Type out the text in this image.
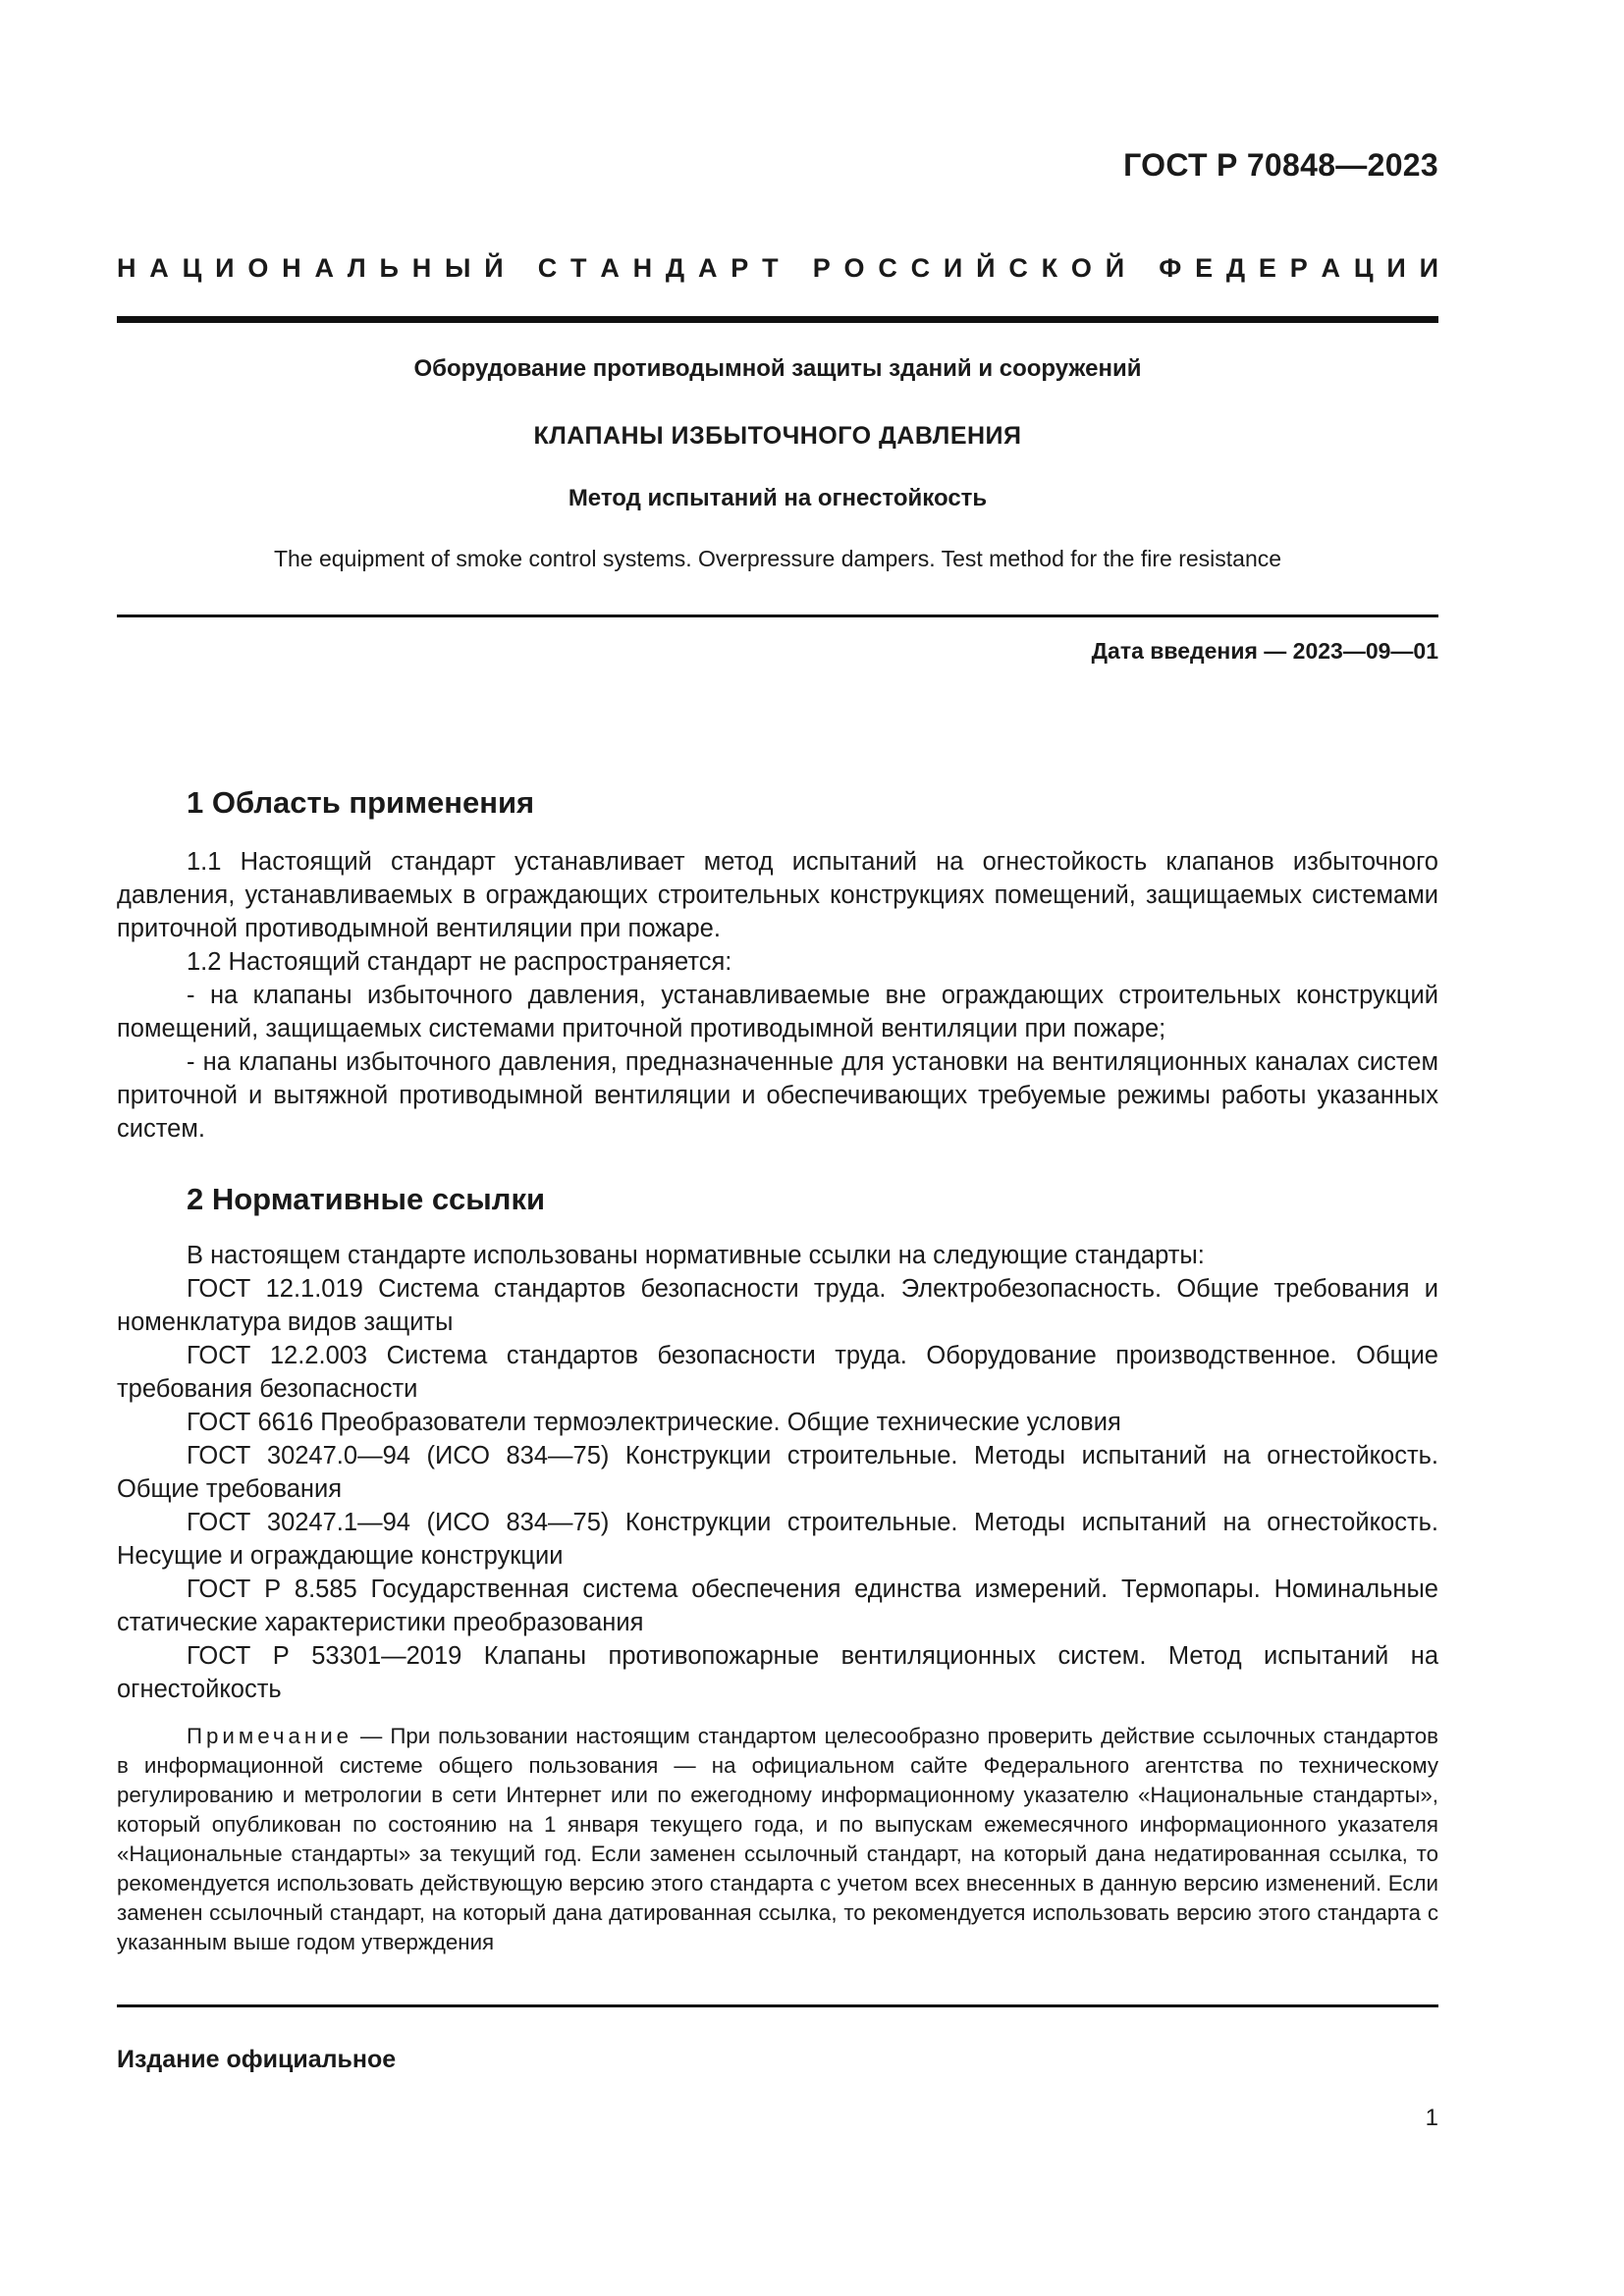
ГОСТ Р 70848—2023
Н А Ц И О Н А Л Ь Н Ы Й
С Т А Н Д А Р Т
Р О С С И Й С К О Й
Ф Е Д Е Р А Ц И И
Оборудование противодымной защиты зданий и сооружений
КЛАПАНЫ ИЗБЫТОЧНОГО ДАВЛЕНИЯ
Метод испытаний на огнестойкость
The equipment of smoke control systems. Overpressure dampers. Test method for the fire resistance
Дата введения — 2023—09—01
1 Область применения

1.1 Настоящий стандарт устанавливает метод испытаний на огнестойкость клапанов избыточного давления, устанавливаемых в ограждающих строительных конструкциях помещений, защищаемых системами приточной противодымной вентиляции при пожаре.

1.2 Настоящий стандарт не распространяется:

- на клапаны избыточного давления, устанавливаемые вне ограждающих строительных конструкций помещений, защищаемых системами приточной противодымной вентиляции при пожаре;

- на клапаны избыточного давления, предназначенные для установки на вентиляционных каналах систем приточной и вытяжной противодымной вентиляции и обеспечивающих требуемые режимы работы указанных систем.

2 Нормативные ссылки

В настоящем стандарте использованы нормативные ссылки на следующие стандарты:

ГОСТ 12.1.019 Система стандартов безопасности труда. Электробезопасность. Общие требования и номенклатура видов защиты

ГОСТ 12.2.003 Система стандартов безопасности труда. Оборудование производственное. Общие требования безопасности

ГОСТ 6616 Преобразователи термоэлектрические. Общие технические условия

ГОСТ 30247.0—94 (ИСО 834—75) Конструкции строительные. Методы испытаний на огнестойкость. Общие требования

ГОСТ 30247.1—94 (ИСО 834—75) Конструкции строительные. Методы испытаний на огнестойкость. Несущие и ограждающие конструкции

ГОСТ Р 8.585 Государственная система обеспечения единства измерений. Термопары. Номинальные статические характеристики преобразования

ГОСТ Р 53301—2019 Клапаны противопожарные вентиляционных систем. Метод испытаний на огнестойкость

Примечание — При пользовании настоящим стандартом целесообразно проверить действие ссылочных стандартов в информационной системе общего пользования — на официальном сайте Федерального агентства по техническому регулированию и метрологии в сети Интернет или по ежегодному информационному указателю «Национальные стандарты», который опубликован по состоянию на 1 января текущего года, и по выпускам ежемесячного информационного указателя «Национальные стандарты» за текущий год. Если заменен ссылочный стандарт, на который дана недатированная ссылка, то рекомендуется использовать действующую версию этого стандарта с учетом всех внесенных в данную версию изменений. Если заменен ссылочный стандарт, на который дана датированная ссылка, то рекомендуется использовать версию этого стандарта с указанным выше годом утверждения

Издание официальное
1
